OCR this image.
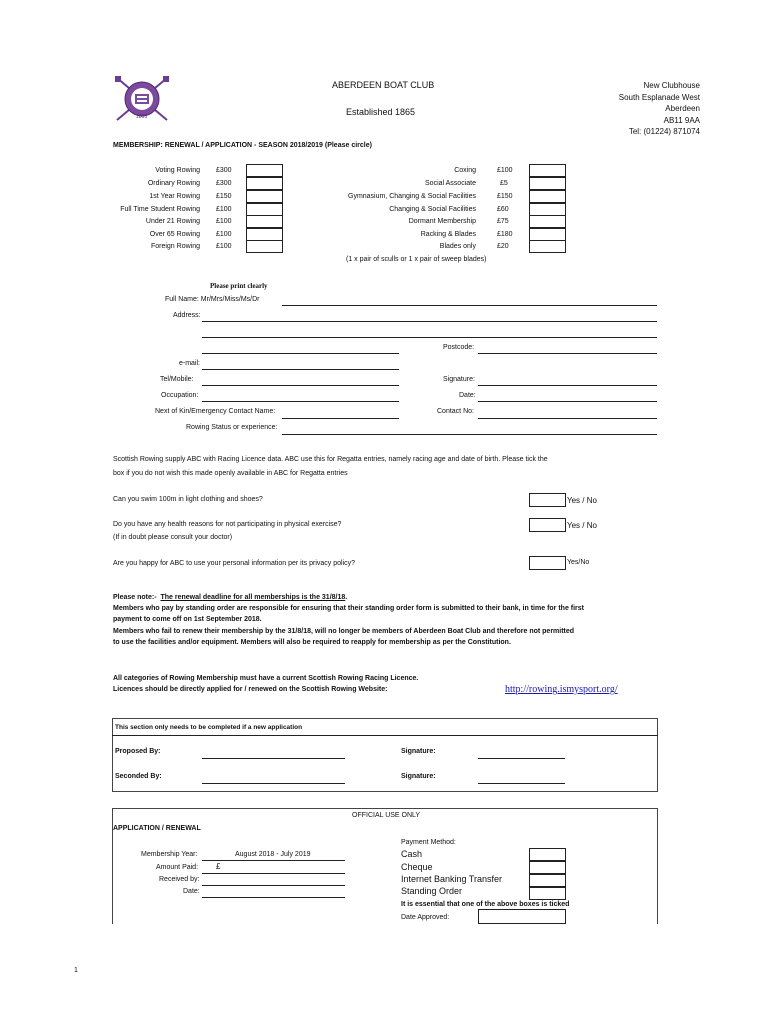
1865
ABERDEEN BOAT CLUB
Established 1865
New Clubhouse
South Esplanade West
Aberdeen
AB11 9AA
Tel: (01224) 871074
MEMBERSHIP: RENEWAL / APPLICATION - SEASON 2018/2019 (Please circle)
Voting Rowing £300
Ordinary Rowing £300
1st Year Rowing £150
Full Time Student Rowing £100
Under 21 Rowing £100
Over 65 Rowing £100
Foreign Rowing £100
Coxing	£100
Social Associate	£5
Gymnasium, Changing & Social Facilities	£150
Changing & Social Facilities	£60
Dormant Membership	£75
Racking & Blades	£180
Blades only	£20
(1 x pair of sculls or 1 x pair of sweep blades)
Please print clearly
Full Name: Mr/Mrs/Miss/Ms/Dr
Address:
Postcode:
e-mail:
Tel/Mobile:	Signature:
Occupation:	Date:
Next of Kin/Emergency Contact Name:	Contact No:
Rowing Status or experience:
Scottish Rowing supply ABC with Racing Licence data. ABC use this for Regatta entries, namely racing age and date of birth. Please tick the
box if you do not wish this made openly available in ABC for Regatta entries
Can you swim 100m in light clothing and shoes?	Yes / No
Do you have any health reasons for not participating in physical exercise?
(If in doubt please consult your doctor)
Yes / No
Are you happy for ABC to use your personal information per its privacy policy?	Yes/No
Please note:- The renewal deadline for all memberships is the 31/8/18.
Members who pay by standing order are responsible for ensuring that their standing order form is submitted to their bank, in time for the first
payment to come off on 1st September 2018.
Members who fail to renew their membership by the 31/8/18, will no longer be members of Aberdeen Boat Club and therefore not permitted
to use the facilities and/or equipment. Members will also be required to reapply for membership as per the Constitution.
All categories of Rowing Membership must have a current Scottish Rowing Racing Licence.
Licences should be directly applied for / renewed on the Scottish Rowing Website:	http://rowing.ismysport.org/
This section only needs to be completed if a new application
Proposed By:	Signature:
Seconded By:	Signature:
OFFICIAL USE ONLY
APPLICATION / RENEWAL
Membership Year:	August 2018 - July 2019
Amount Paid: £
Received by:
Date:
Payment Method:
Cash
Cheque
Internet Banking Transfer
Standing Order
It is essential that one of the above boxes is ticked
Date Approved:
1
